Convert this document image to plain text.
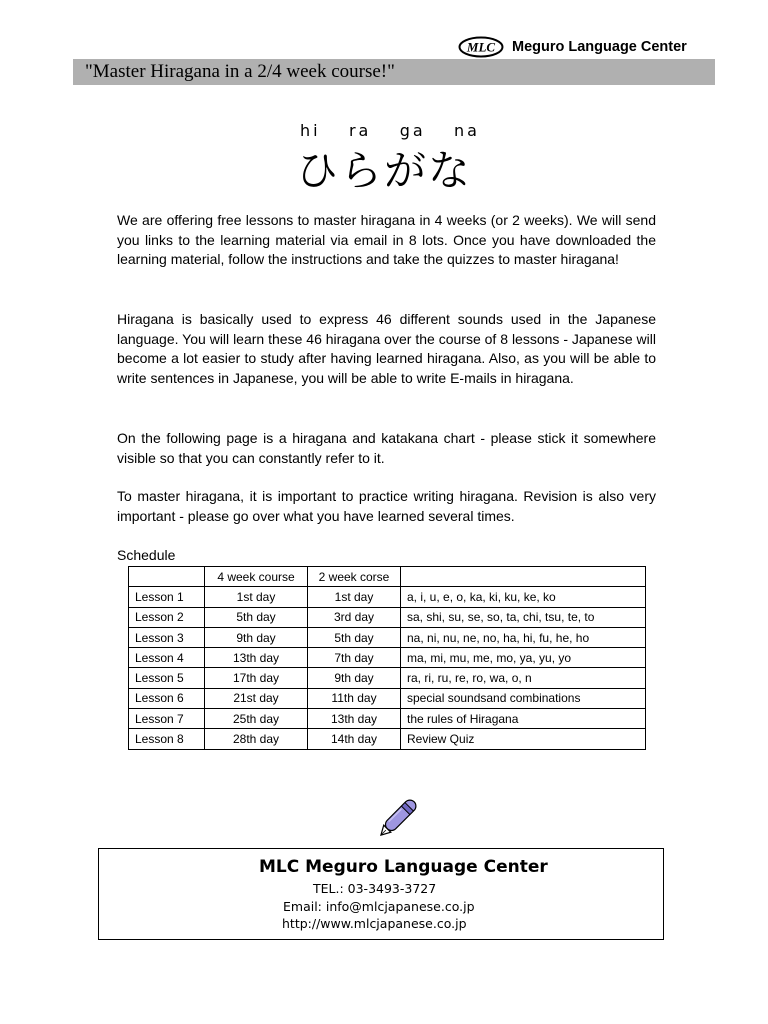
MLC Meguro Language Center
"Master Hiragana in a 2/4 week course!"
hi ra ga na
ひらがな

We are offering free lessons to master hiragana in 4 weeks (or 2 weeks). We will send you links to the learning material via email in 8 lots. Once you have downloaded the learning material, follow the instructions and take the quizzes to master hiragana!

Hiragana is basically used to express 46 different sounds used in the Japanese language. You will learn these 46 hiragana over the course of 8 lessons - Japanese will become a lot easier to study after having learned hiragana. Also, as you will be able to write sentences in Japanese, you will be able to write E-mails in hiragana.

On the following page is a hiragana and katakana chart - please stick it somewhere visible so that you can constantly refer to it.

To master hiragana, it is important to practice writing hiragana. Revision is also very important - please go over what you have learned several times.

Schedule
	4 week course	2 week corse	
Lesson 1	1st day	1st day	a, i, u, e, o, ka, ki, ku, ke, ko
Lesson 2	5th day	3rd day	sa, shi, su, se, so, ta, chi, tsu, te, to
Lesson 3	9th day	5th day	na, ni, nu, ne, no, ha, hi, fu, he, ho
Lesson 4	13th day	7th day	ma, mi, mu, me, mo, ya, yu, yo
Lesson 5	17th day	9th day	ra, ri, ru, re, ro, wa, o, n
Lesson 6	21st day	11th day	special soundsand combinations
Lesson 7	25th day	13th day	the rules of Hiragana
Lesson 8	28th day	14th day	Review Quiz
MLC Meguro Language Center
TEL.: 03-3493-3727
Email: info@mlcjapanese.co.jp
http://www.mlcjapanese.co.jp
